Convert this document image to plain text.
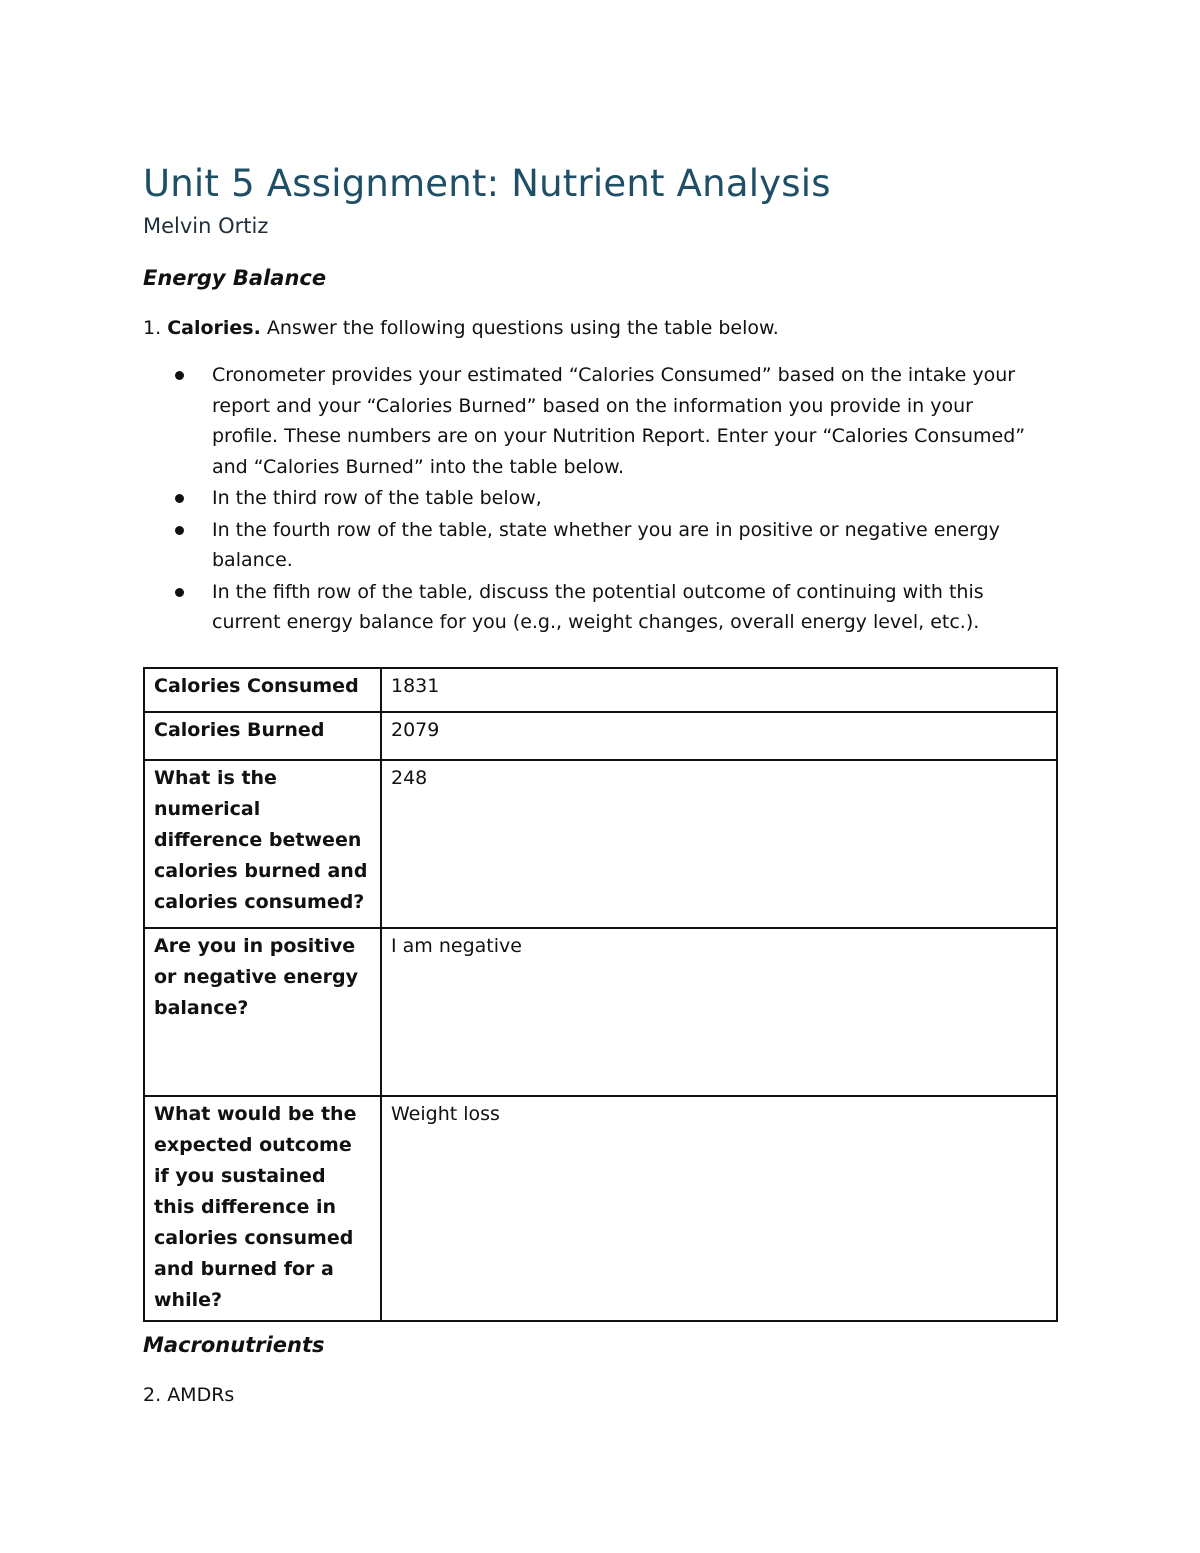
Unit 5 Assignment: Nutrient Analysis
Melvin Ortiz
Energy Balance
1. Calories. Answer the following questions using the table below.
Cronometer provides your estimated “Calories Consumed” based on the intake your report and your “Calories Burned” based on the information you provide in your profile. These numbers are on your Nutrition Report. Enter your “Calories Consumed” and “Calories Burned” into the table below.
In the third row of the table below,
In the fourth row of the table, state whether you are in positive or negative energy balance.
In the fifth row of the table, discuss the potential outcome of continuing with this current energy balance for you (e.g., weight changes, overall energy level, etc.).
Calories Consumed	1831
Calories Burned	2079
What is the numerical difference between calories burned and calories consumed?	248
Are you in positive or negative energy balance?	I am negative
What would be the expected outcome if you sustained this difference in calories consumed and burned for a while?	Weight loss
Macronutrients
2. AMDRs
